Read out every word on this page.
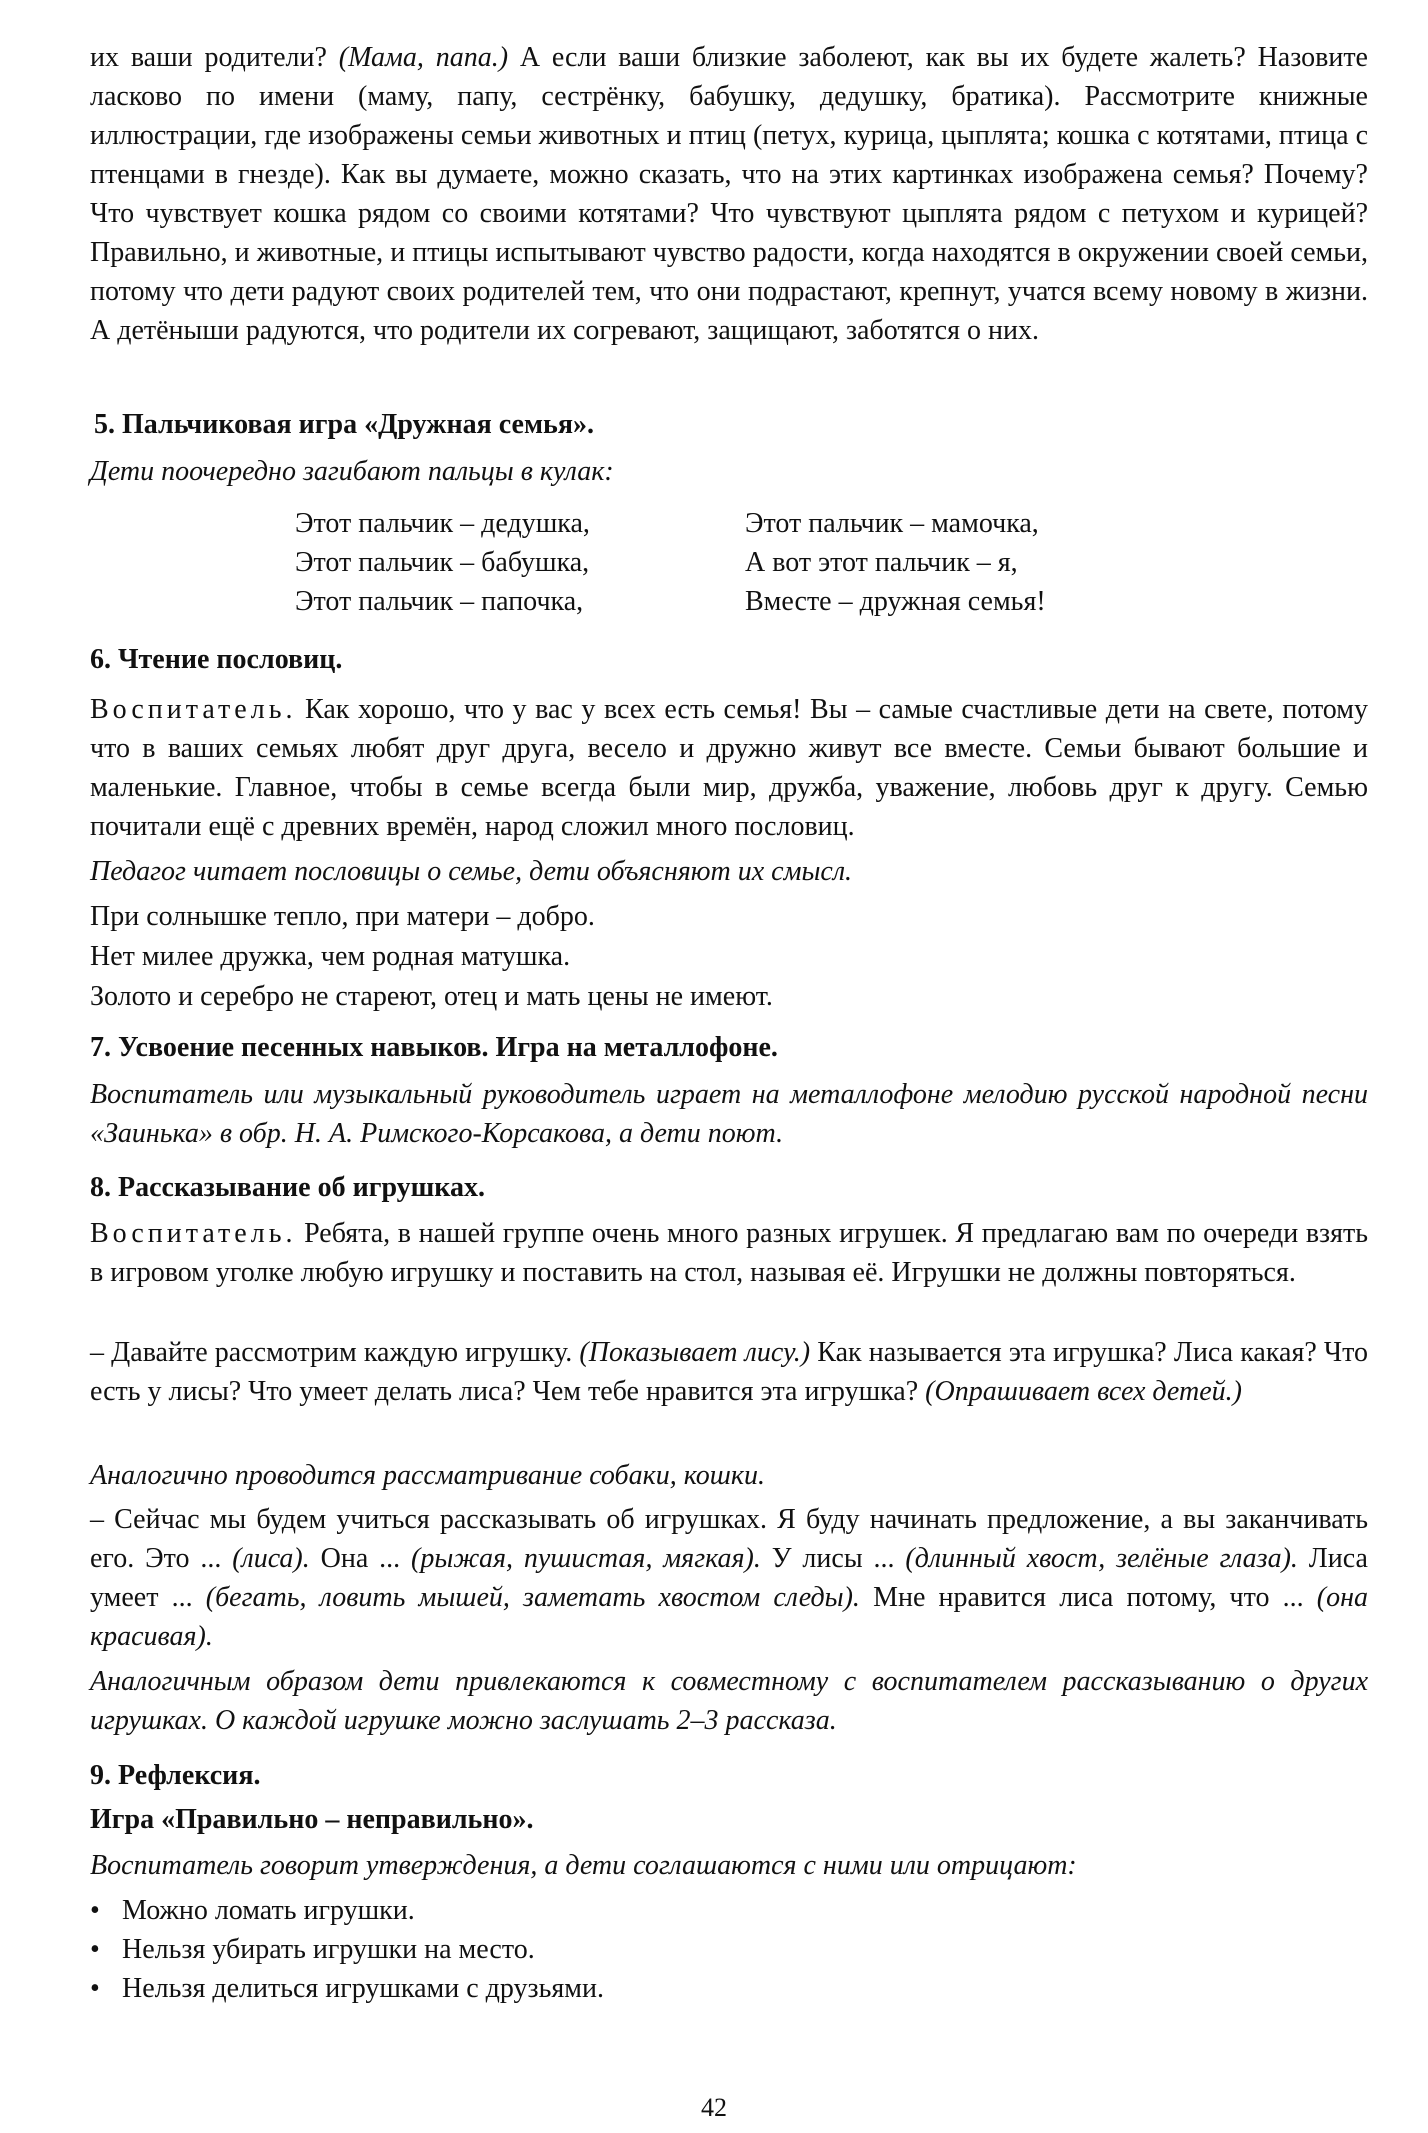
их ваши родители? (Мама, папа.) А если ваши близкие заболеют, как вы их будете жалеть? Назовите ласково по имени (маму, папу, сестрёнку, бабушку, дедушку, братика). Рассмотрите книжные иллюстрации, где изображены семьи животных и птиц (петух, курица, цыплята; кошка с котятами, птица с птенцами в гнезде). Как вы думаете, можно сказать, что на этих картинках изображена семья? Почему? Что чувствует кошка рядом со своими котятами? Что чувствуют цыплята рядом с петухом и курицей? Правильно, и животные, и птицы испытывают чувство радости, когда находятся в окружении своей семьи, потому что дети радуют своих родителей тем, что они подрастают, крепнут, учатся всему новому в жизни. А детёныши радуются, что родители их согревают, защищают, заботятся о них.

5. Пальчиковая игра «Дружная семья».

Дети поочередно загибают пальцы в кулак:

Этот пальчик – дедушка,
Этот пальчик – бабушка,
Этот пальчик – папочка,
Этот пальчик – мамочка,
А вот этот пальчик – я,
Вместе – дружная семья!

6. Чтение пословиц.

Воспитатель. Как хорошо, что у вас у всех есть семья! Вы – самые счастливые дети на свете, потому что в ваших семьях любят друг друга, весело и дружно живут все вместе. Семьи бывают большие и маленькие. Главное, чтобы в семье всегда были мир, дружба, уважение, любовь друг к другу. Семью почитали ещё с древних времён, народ сложил много пословиц.

Педагог читает пословицы о семье, дети объясняют их смысл.

При солнышке тепло, при матери – добро.

Нет милее дружка, чем родная матушка.

Золото и серебро не стареют, отец и мать цены не имеют.

7. Усвоение песенных навыков. Игра на металлофоне.

Воспитатель или музыкальный руководитель играет на металлофоне мелодию русской народной песни «Заинька» в обр. Н. А. Римского-Корсакова, а дети поют.

8. Рассказывание об игрушках.

Воспитатель. Ребята, в нашей группе очень много разных игрушек. Я предлагаю вам по очереди взять в игровом уголке любую игрушку и поставить на стол, называя её. Игрушки не должны повторяться.

– Давайте рассмотрим каждую игрушку. (Показывает лису.) Как называется эта игрушка? Лиса какая? Что есть у лисы? Что умеет делать лиса? Чем тебе нравится эта игрушка? (Опрашивает всех детей.)

Аналогично проводится рассматривание собаки, кошки.

– Сейчас мы будем учиться рассказывать об игрушках. Я буду начинать предложение, а вы заканчивать его. Это ... (лиса). Она ... (рыжая, пушистая, мягкая). У лисы ... (длинный хвост, зелёные глаза). Лиса умеет ... (бегать, ловить мышей, заметать хвостом следы). Мне нравится лиса потому, что ... (она красивая).

Аналогичным образом дети привлекаются к совместному с воспитателем рассказыванию о других игрушках. О каждой игрушке можно заслушать 2–3 рассказа.

9. Рефлексия.

Игра «Правильно – неправильно».

Воспитатель говорит утверждения, а дети соглашаются с ними или отрицают:

• Можно ломать игрушки.
• Нельзя убирать игрушки на место.
• Нельзя делиться игрушками с друзьями.
42
